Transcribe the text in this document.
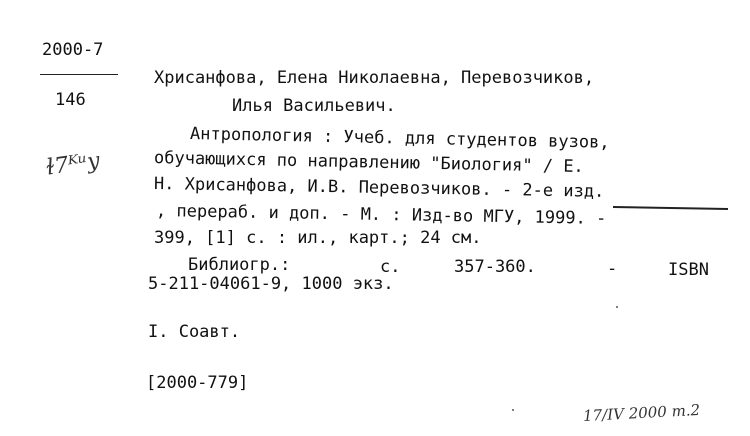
2000-7
146
ɫ7ᴷᵘy
Хрисанфова, Елена Николаевна, Перевозчиков,
Илья Васильевич.
Антропология : Учеб. для студентов вузов,
обучающихся по направлению "Биология" / Е.
Н. Хрисанфова, И.В. Перевозчиков. - 2-е изд.
, перераб. и доп. - М. : Изд-во МГУ, 1999. -
399, [1] с. : ил., карт.; 24 см.
Библиогр.:	с.	357-360.	-	ISBN
5-211-04061-9, 1000 экз.
I. Соавт.
[2000-779]
17/IV 2000 т.2
